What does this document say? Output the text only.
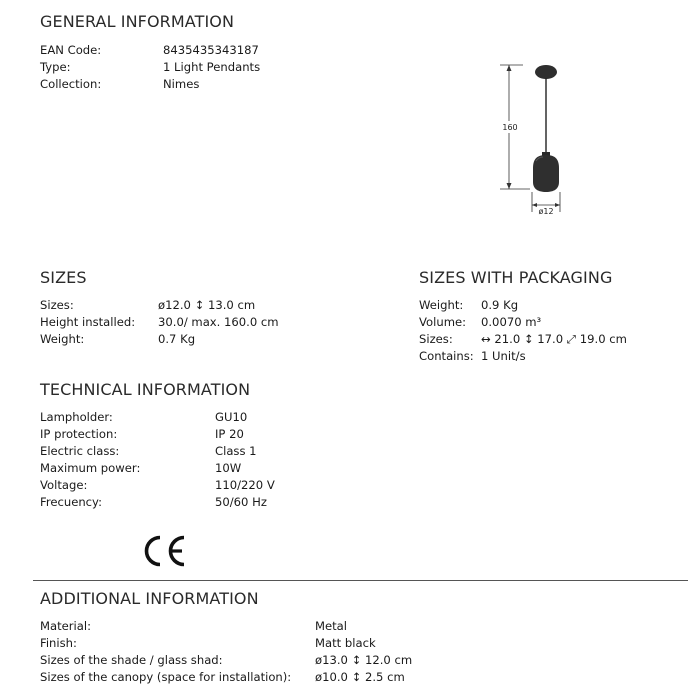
GENERAL INFORMATION
EAN Code:	8435435343187
Type:	1 Light Pendants
Collection:	Nimes
160
ø12
SIZES
Sizes:	ø12.0 ↕ 13.0 cm
Height installed: 30.0/ max. 160.0 cm
Weight:	0.7 Kg
SIZES WITH PACKAGING
Weight: 0.9 Kg
Volume: 0.0070 m³
Sizes: ↔ 21.0 ↕ 17.0 ⤢ 19.0 cm
Contains: 1 Unit/s
TECHNICAL INFORMATION
Lampholder:	GU10
IP protection:	IP 20
Electric class:	Class 1
Maximum power:	10W
Voltage:	110/220 V
Frecuency:	50/60 Hz
ADDITIONAL INFORMATION
Material:	Metal
Finish:	Matt black
Sizes of the shade / glass shad:	ø13.0 ↕ 12.0 cm
Sizes of the canopy (space for installation): ø10.0 ↕ 2.5 cm
